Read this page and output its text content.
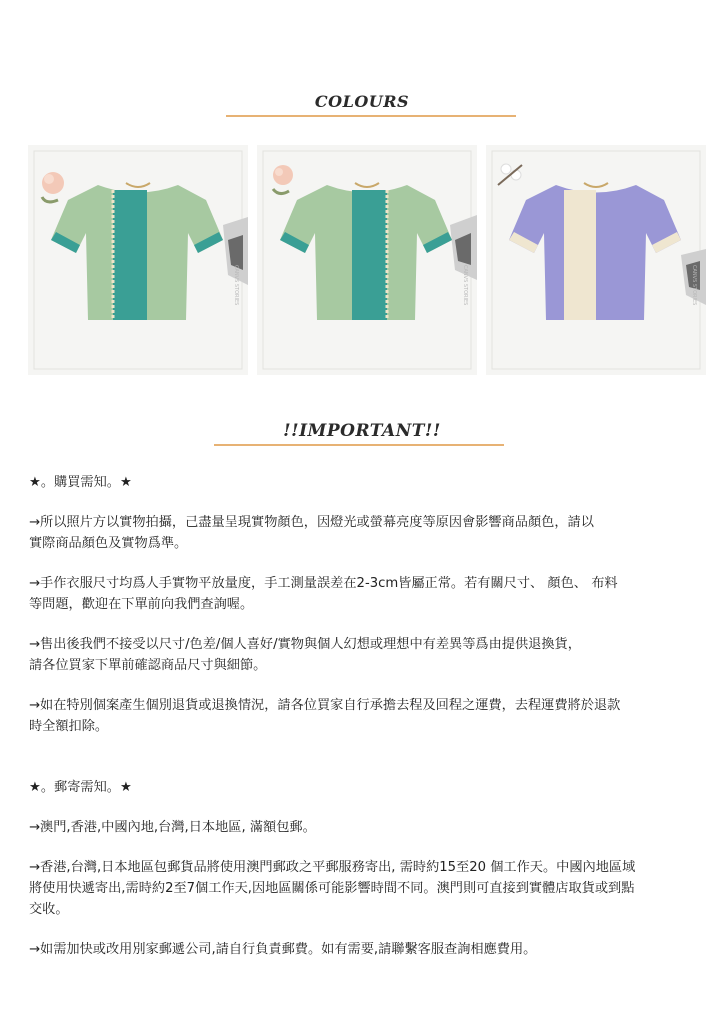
COLOURS
CANVS STORIES	CANVS STORIES	CANVS STORIES
!!IMPORTANT!!

★。購買需知。★

→所以照片方以實物拍攝，己盡量呈現實物顏色，因燈光或螢幕亮度等原因會影響商品顏色，請以

實際商品顏色及實物爲準。

→手作衣服尺寸均爲人手實物平放量度，手工測量誤差在2-3cm皆屬正常。若有關尺寸、 顏色、 布料

等問題，歡迎在下單前向我們查詢喔。

→售出後我們不接受以尺寸/色差/個人喜好/實物與個人幻想或理想中有差異等爲由提供退換貨，

請各位買家下單前確認商品尺寸與細節。

→如在特別個案產生個別退貨或退換情況，請各位買家自行承擔去程及回程之運費，去程運費將於退款

時全額扣除。

★。郵寄需知。★

→澳門,香港,中國內地,台灣,日本地區, 滿額包郵。

→香港,台灣,日本地區包郵貨品將使用澳門郵政之平郵服務寄出, 需時約15至20 個工作天。中國內地區域

將使用快遞寄出,需時約2至7個工作天,因地區關係可能影響時間不同。澳門則可直接到實體店取貨或到點

交收。

→如需加快或改用別家郵遞公司,請自行負責郵費。如有需要,請聯繫客服查詢相應費用。
